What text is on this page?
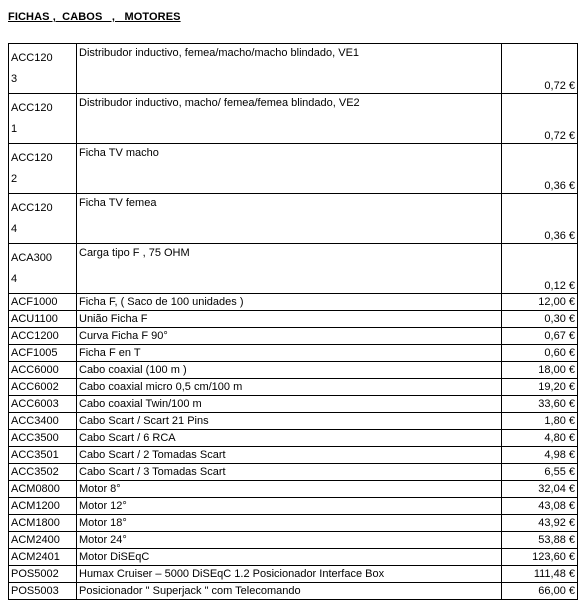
FICHAS ,  CABOS   ,   MOTORES
ACC120
3	Distribudor inductivo, femea/macho/macho blindado, VE1	0,72 €

ACC120
1	Distribudor inductivo, macho/ femea/femea blindado, VE2	0,72 €

ACC120
2	Ficha TV macho	0,36 €

ACC120
4	Ficha TV femea	0,36 €

ACA300
4	Carga tipo F , 75 OHM	0,12 €
ACF1000	Ficha F, ( Saco de 100 unidades )	12,00 €
ACU1100	União Ficha F	0,30 €
ACC1200	Curva Ficha F 90°	0,67 €
ACF1005	Ficha F en T	0,60 €
ACC6000	Cabo coaxial (100 m )	18,00 €
ACC6002	Cabo coaxial micro 0,5 cm/100 m	19,20 €
ACC6003	Cabo coaxial Twin/100 m	33,60 €
ACC3400	Cabo Scart / Scart 21 Pins	1,80 €
ACC3500	Cabo Scart / 6 RCA	4,80 €
ACC3501	Cabo Scart / 2 Tomadas Scart	4,98 €
ACC3502	Cabo Scart / 3 Tomadas Scart	6,55 €
ACM0800	Motor 8°	32,04 €
ACM1200	Motor 12°	43,08 €
ACM1800	Motor 18°	43,92 €
ACM2400	Motor 24°	53,88 €
ACM2401	Motor DiSEqC	123,60 €
POS5002	Humax Cruiser – 5000 DiSEqC 1.2 Posicionador Interface Box	111,48 €
POS5003	Posicionador " Superjack " com Telecomando	66,00 €
